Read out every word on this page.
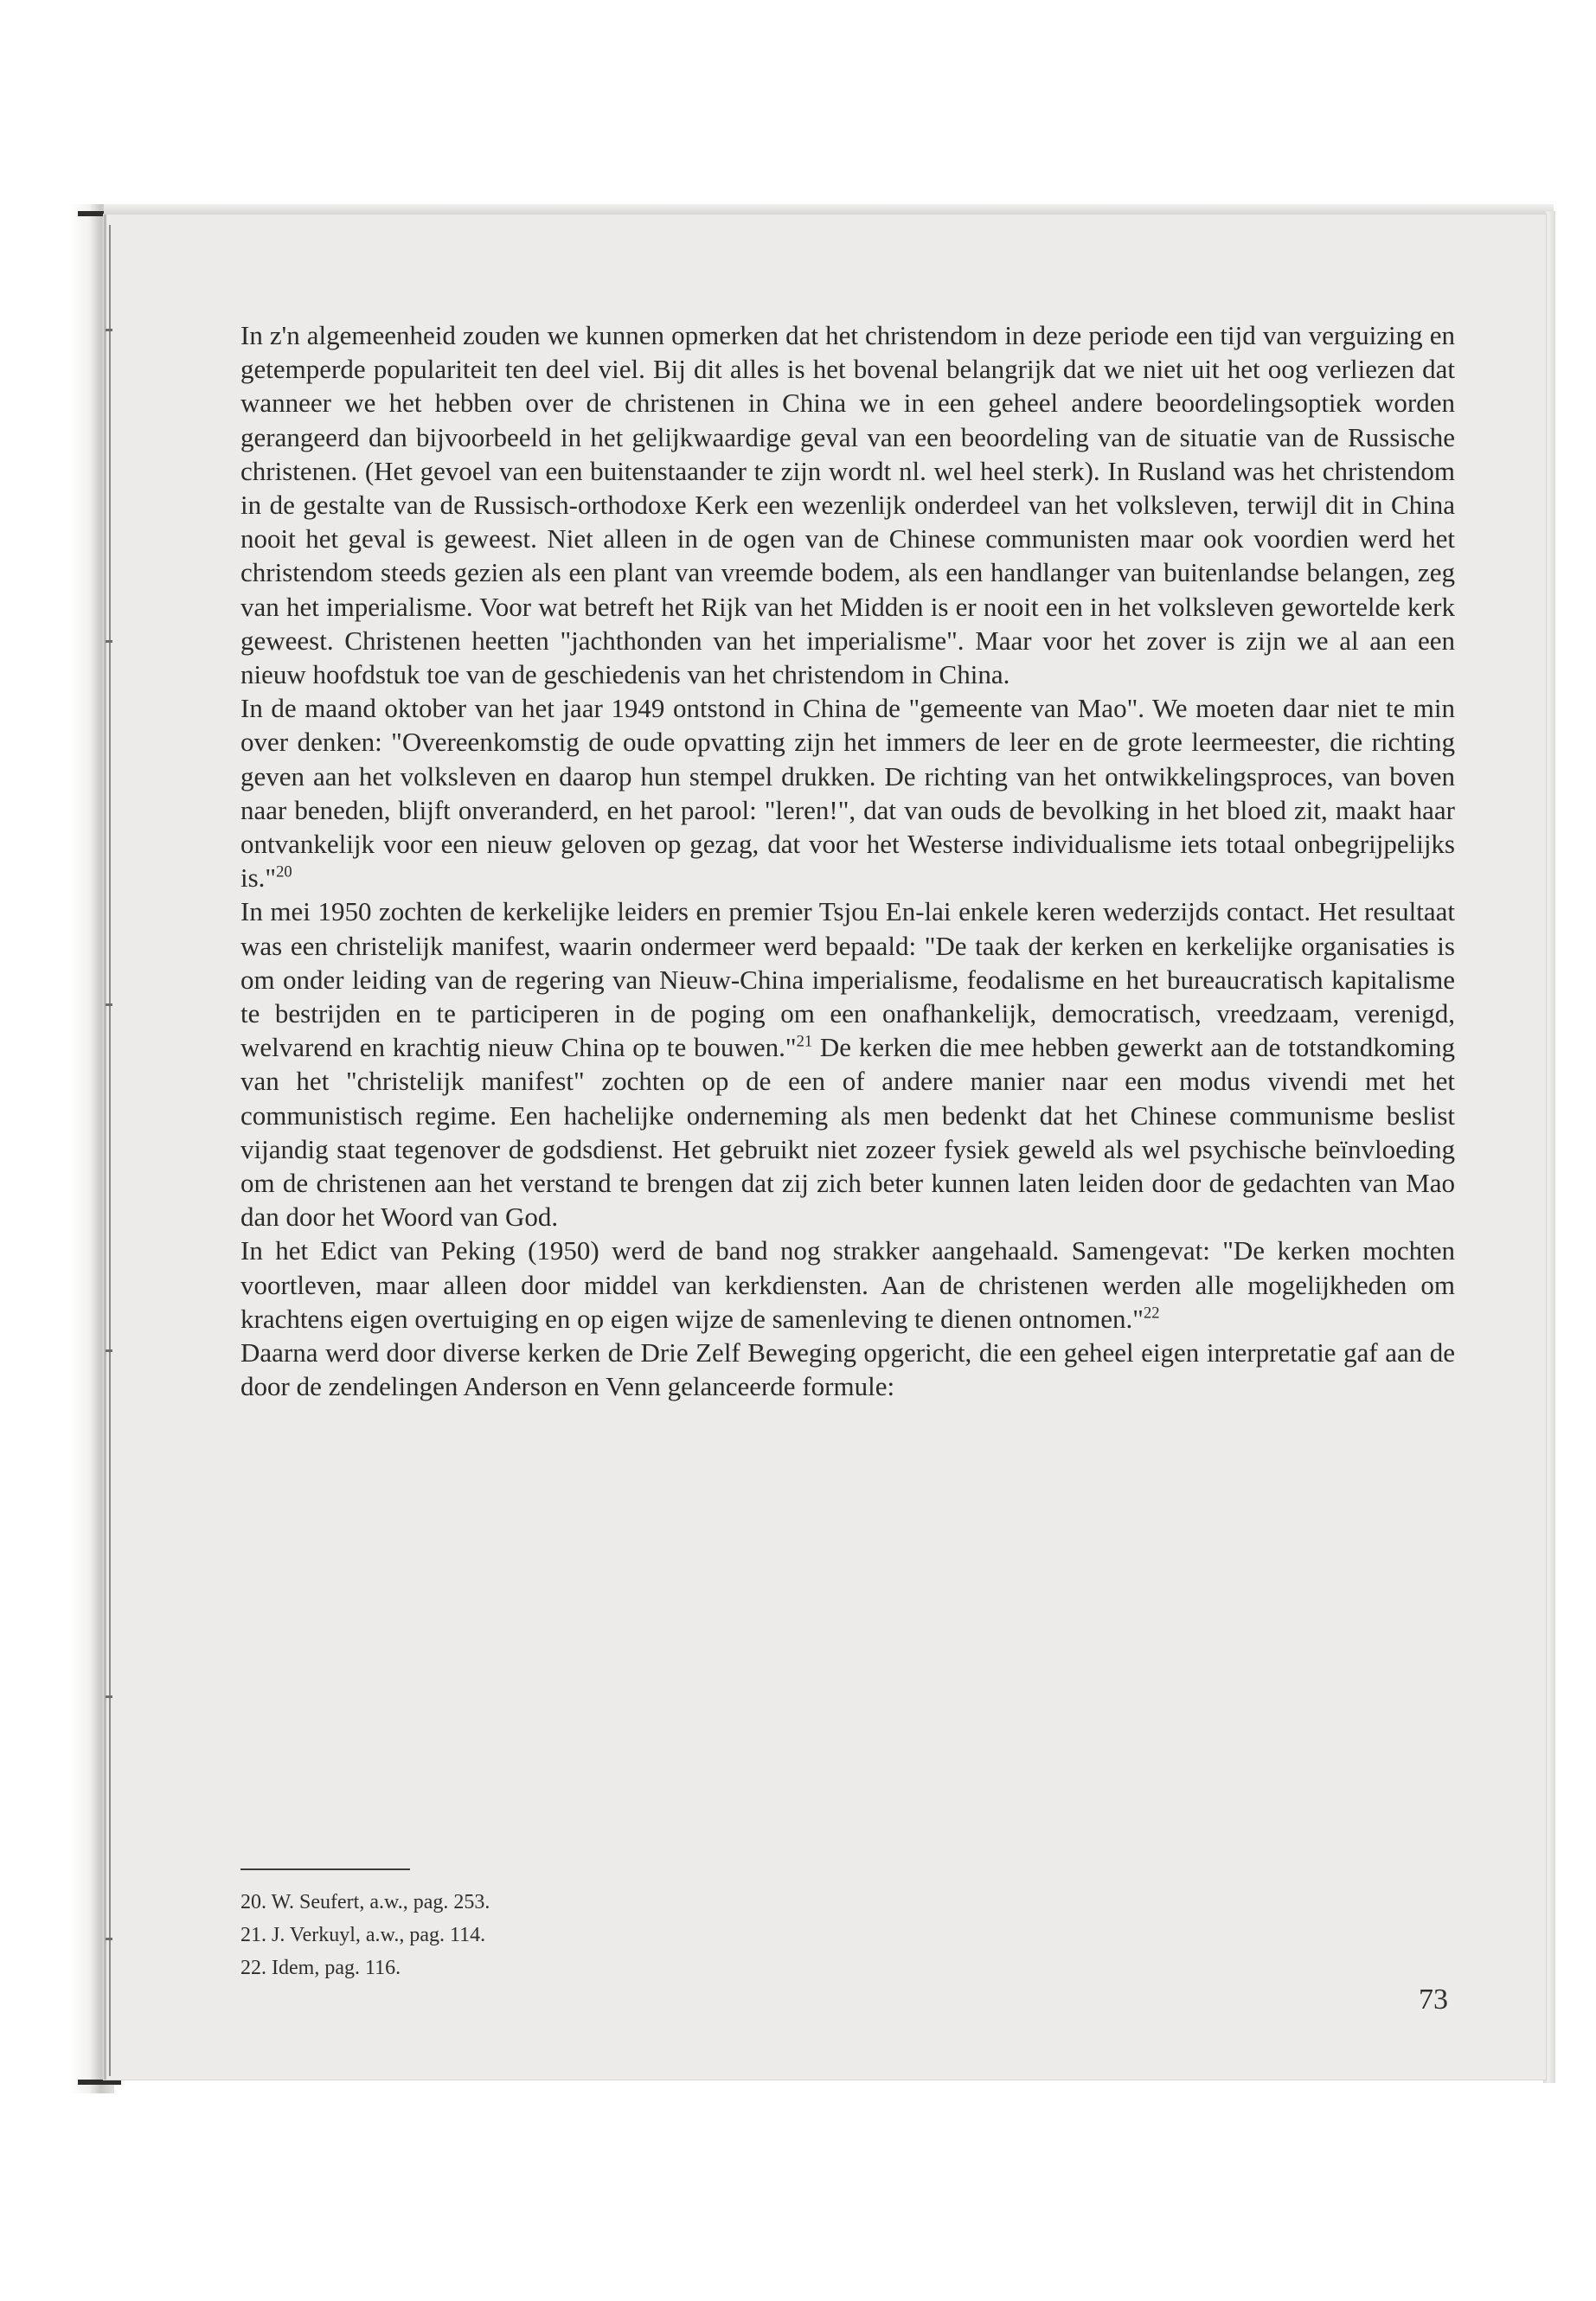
In z'n algemeenheid zouden we kunnen opmerken dat het christendom in deze periode een tijd van verguizing en getemperde populariteit ten deel viel. Bij dit alles is het bovenal belangrijk dat we niet uit het oog verliezen dat wanneer we het hebben over de christenen in China we in een geheel andere beoordelingsoptiek worden gerangeerd dan bijvoorbeeld in het gelijkwaardige geval van een beoordeling van de situatie van de Russische christenen. (Het gevoel van een buitenstaander te zijn wordt nl. wel heel sterk). In Rusland was het christendom in de gestalte van de Russisch-orthodoxe Kerk een wezenlijk onderdeel van het volksleven, terwijl dit in China nooit het geval is geweest. Niet alleen in de ogen van de Chinese communisten maar ook voordien werd het christendom steeds gezien als een plant van vreemde bodem, als een handlanger van buitenlandse belangen, zeg van het imperialisme. Voor wat betreft het Rijk van het Midden is er nooit een in het volksleven gewortelde kerk geweest. Christenen heetten "jachthonden van het imperialisme". Maar voor het zover is zijn we al aan een nieuw hoofdstuk toe van de geschiedenis van het christendom in China.

In de maand oktober van het jaar 1949 ontstond in China de "gemeente van Mao". We moeten daar niet te min over denken: "Overeenkomstig de oude opvatting zijn het immers de leer en de grote leermeester, die richting geven aan het volksleven en daarop hun stempel drukken. De richting van het ontwikkelingsproces, van boven naar beneden, blijft onveranderd, en het parool: "leren!", dat van ouds de bevolking in het bloed zit, maakt haar ontvankelijk voor een nieuw geloven op gezag, dat voor het Westerse individualisme iets totaal onbegrijpelijks is."$^{20}$

In mei 1950 zochten de kerkelijke leiders en premier Tsjou En-lai enkele keren wederzijds contact. Het resultaat was een christelijk manifest, waarin ondermeer werd bepaald: "De taak der kerken en kerkelijke organisaties is om onder leiding van de regering van Nieuw-China imperialisme, feodalisme en het bureaucratisch kapitalisme te bestrijden en te participeren in de poging om een onafhankelijk, democratisch, vreedzaam, verenigd, welvarend en krachtig nieuw China op te bouwen."$^{21}$ De kerken die mee hebben gewerkt aan de totstandkoming van het "christelijk manifest" zochten op de een of andere manier naar een modus vivendi met het communistisch regime. Een hachelijke onderneming als men bedenkt dat het Chinese communisme beslist vijandig staat tegenover de godsdienst. Het gebruikt niet zozeer fysiek geweld als wel psychische beïnvloeding om de christenen aan het verstand te brengen dat zij zich beter kunnen laten leiden door de gedachten van Mao dan door het Woord van God.

In het Edict van Peking (1950) werd de band nog strakker aangehaald. Samengevat: "De kerken mochten voortleven, maar alleen door middel van kerkdiensten. Aan de christenen werden alle mogelijkheden om krachtens eigen overtuiging en op eigen wijze de samenleving te dienen ontnomen."$^{22}$

Daarna werd door diverse kerken de Drie Zelf Beweging opgericht, die een geheel eigen interpretatie gaf aan de door de zendelingen Anderson en Venn gelanceerde formule:

20. W. Seufert, a.w., pag. 253.

21. J. Verkuyl, a.w., pag. 114.

22. Idem, pag. 116.

73
